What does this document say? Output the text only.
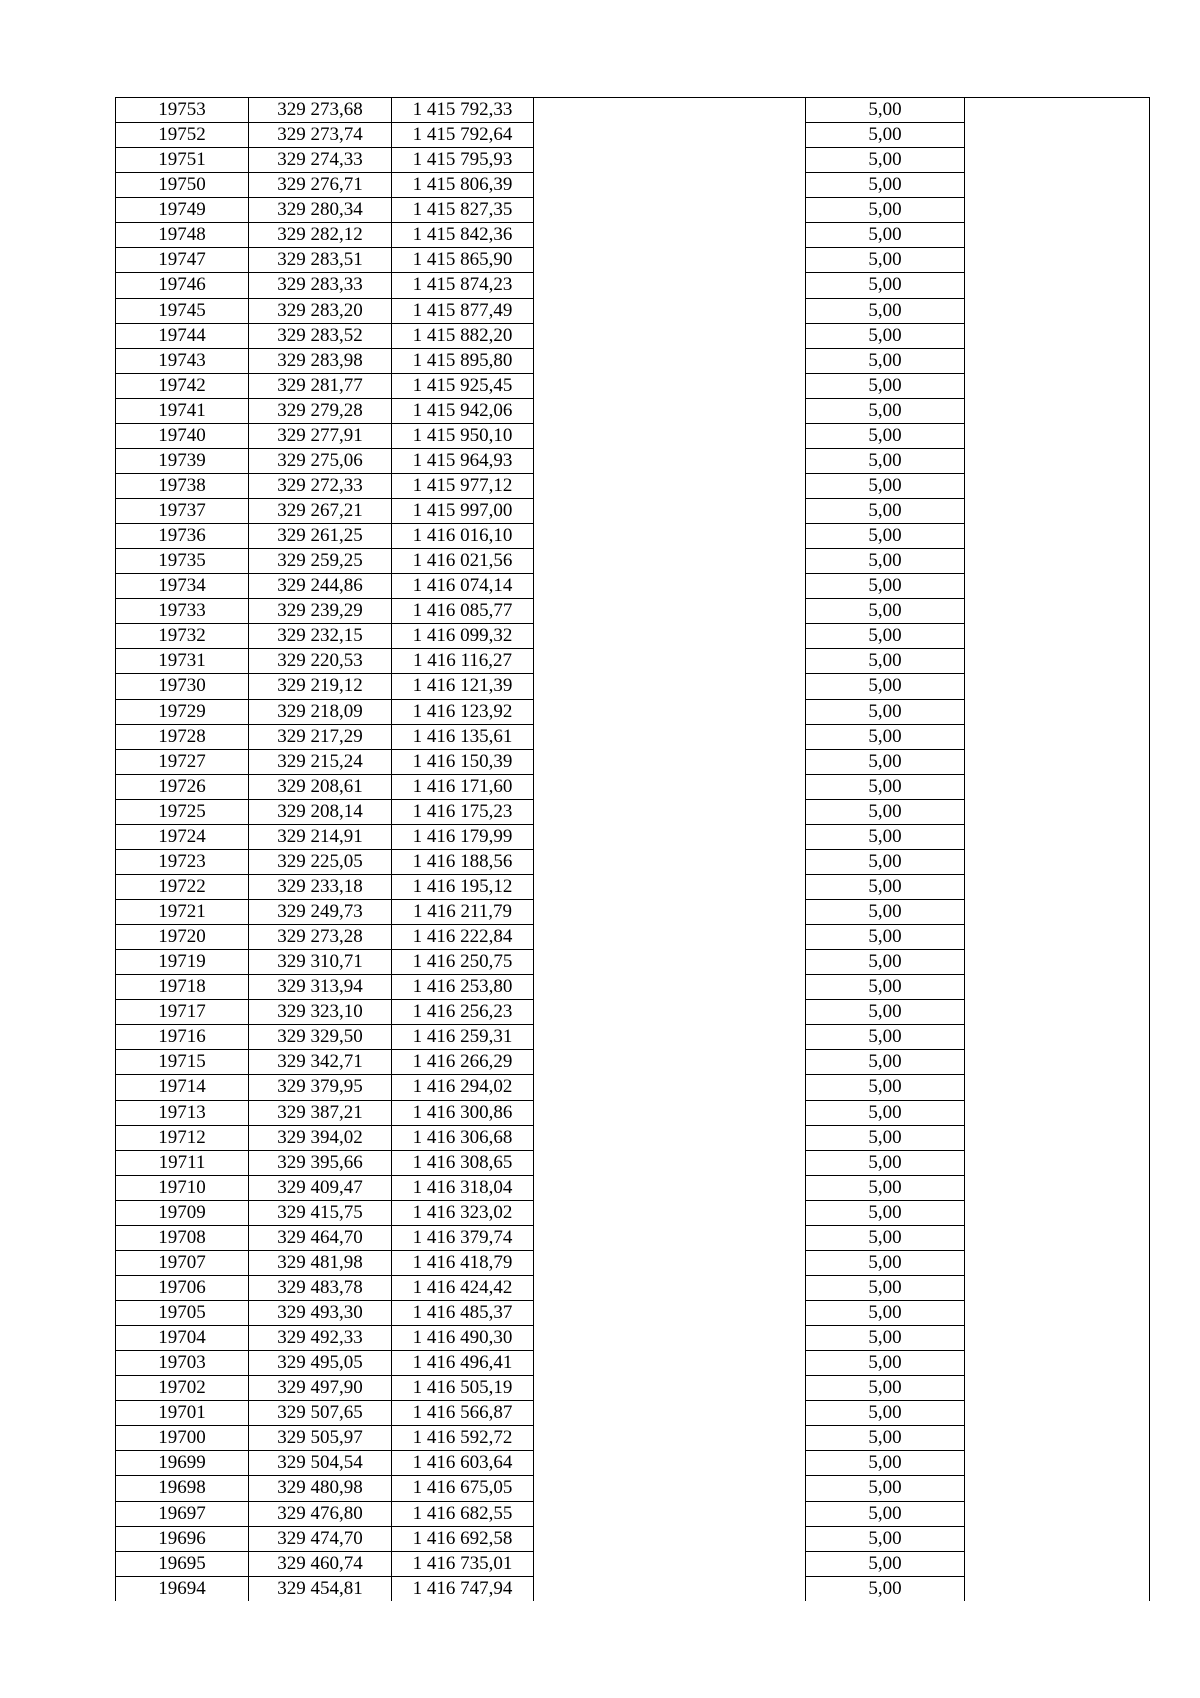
19753	329 273,68	1 415 792,33		5,00	
19752	329 273,74	1 415 792,64		5,00	
19751	329 274,33	1 415 795,93		5,00	
19750	329 276,71	1 415 806,39		5,00	
19749	329 280,34	1 415 827,35		5,00	
19748	329 282,12	1 415 842,36		5,00	
19747	329 283,51	1 415 865,90		5,00	
19746	329 283,33	1 415 874,23		5,00	
19745	329 283,20	1 415 877,49		5,00	
19744	329 283,52	1 415 882,20		5,00	
19743	329 283,98	1 415 895,80		5,00	
19742	329 281,77	1 415 925,45		5,00	
19741	329 279,28	1 415 942,06		5,00	
19740	329 277,91	1 415 950,10		5,00	
19739	329 275,06	1 415 964,93		5,00	
19738	329 272,33	1 415 977,12		5,00	
19737	329 267,21	1 415 997,00		5,00	
19736	329 261,25	1 416 016,10		5,00	
19735	329 259,25	1 416 021,56		5,00	
19734	329 244,86	1 416 074,14		5,00	
19733	329 239,29	1 416 085,77		5,00	
19732	329 232,15	1 416 099,32		5,00	
19731	329 220,53	1 416 116,27		5,00	
19730	329 219,12	1 416 121,39		5,00	
19729	329 218,09	1 416 123,92		5,00	
19728	329 217,29	1 416 135,61		5,00	
19727	329 215,24	1 416 150,39		5,00	
19726	329 208,61	1 416 171,60		5,00	
19725	329 208,14	1 416 175,23		5,00	
19724	329 214,91	1 416 179,99		5,00	
19723	329 225,05	1 416 188,56		5,00	
19722	329 233,18	1 416 195,12		5,00	
19721	329 249,73	1 416 211,79		5,00	
19720	329 273,28	1 416 222,84		5,00	
19719	329 310,71	1 416 250,75		5,00	
19718	329 313,94	1 416 253,80		5,00	
19717	329 323,10	1 416 256,23		5,00	
19716	329 329,50	1 416 259,31		5,00	
19715	329 342,71	1 416 266,29		5,00	
19714	329 379,95	1 416 294,02		5,00	
19713	329 387,21	1 416 300,86		5,00	
19712	329 394,02	1 416 306,68		5,00	
19711	329 395,66	1 416 308,65		5,00	
19710	329 409,47	1 416 318,04		5,00	
19709	329 415,75	1 416 323,02		5,00	
19708	329 464,70	1 416 379,74		5,00	
19707	329 481,98	1 416 418,79		5,00	
19706	329 483,78	1 416 424,42		5,00	
19705	329 493,30	1 416 485,37		5,00	
19704	329 492,33	1 416 490,30		5,00	
19703	329 495,05	1 416 496,41		5,00	
19702	329 497,90	1 416 505,19		5,00	
19701	329 507,65	1 416 566,87		5,00	
19700	329 505,97	1 416 592,72		5,00	
19699	329 504,54	1 416 603,64		5,00	
19698	329 480,98	1 416 675,05		5,00	
19697	329 476,80	1 416 682,55		5,00	
19696	329 474,70	1 416 692,58		5,00	
19695	329 460,74	1 416 735,01		5,00	
19694	329 454,81	1 416 747,94		5,00	
